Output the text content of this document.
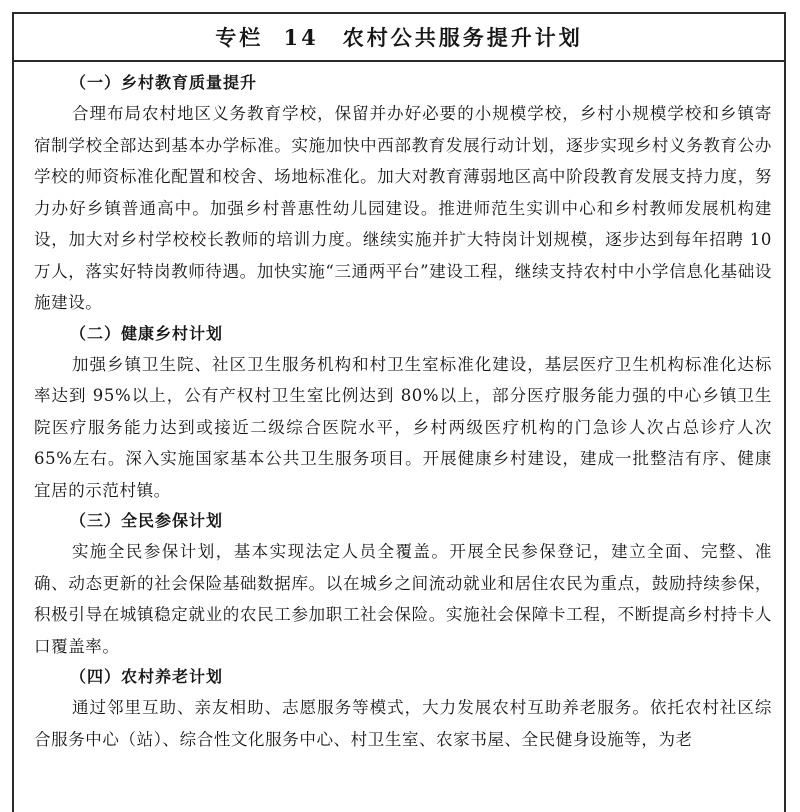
专栏 14　农村公共服务提升计划
（一）乡村教育质量提升

合理布局农村地区义务教育学校，保留并办好必要的小规模学校，乡村小规模学校和乡镇寄宿制学校全部达到基本办学标准。实施加快中西部教育发展行动计划，逐步实现乡村义务教育公办学校的师资标准化配置和校舍、场地标准化。加大对教育薄弱地区高中阶段教育发展支持力度，努力办好乡镇普通高中。加强乡村普惠性幼儿园建设。推进师范生实训中心和乡村教师发展机构建设，加大对乡村学校校长教师的培训力度。继续实施并扩大特岗计划规模，逐步达到每年招聘 10 万人，落实好特岗教师待遇。加快实施“三通两平台”建设工程，继续支持农村中小学信息化基础设施建设。

（二）健康乡村计划

加强乡镇卫生院、社区卫生服务机构和村卫生室标准化建设，基层医疗卫生机构标准化达标率达到 95%以上，公有产权村卫生室比例达到 80%以上，部分医疗服务能力强的中心乡镇卫生院医疗服务能力达到或接近二级综合医院水平，乡村两级医疗机构的门急诊人次占总诊疗人次 65%左右。深入实施国家基本公共卫生服务项目。开展健康乡村建设，建成一批整洁有序、健康宜居的示范村镇。

（三）全民参保计划

实施全民参保计划，基本实现法定人员全覆盖。开展全民参保登记，建立全面、完整、准确、动态更新的社会保险基础数据库。以在城乡之间流动就业和居住农民为重点，鼓励持续参保，积极引导在城镇稳定就业的农民工参加职工社会保险。实施社会保障卡工程，不断提高乡村持卡人口覆盖率。

（四）农村养老计划

通过邻里互助、亲友相助、志愿服务等模式，大力发展农村互助养老服务。依托农村社区综合服务中心（站）、综合性文化服务中心、村卫生室、农家书屋、全民健身设施等，为老
